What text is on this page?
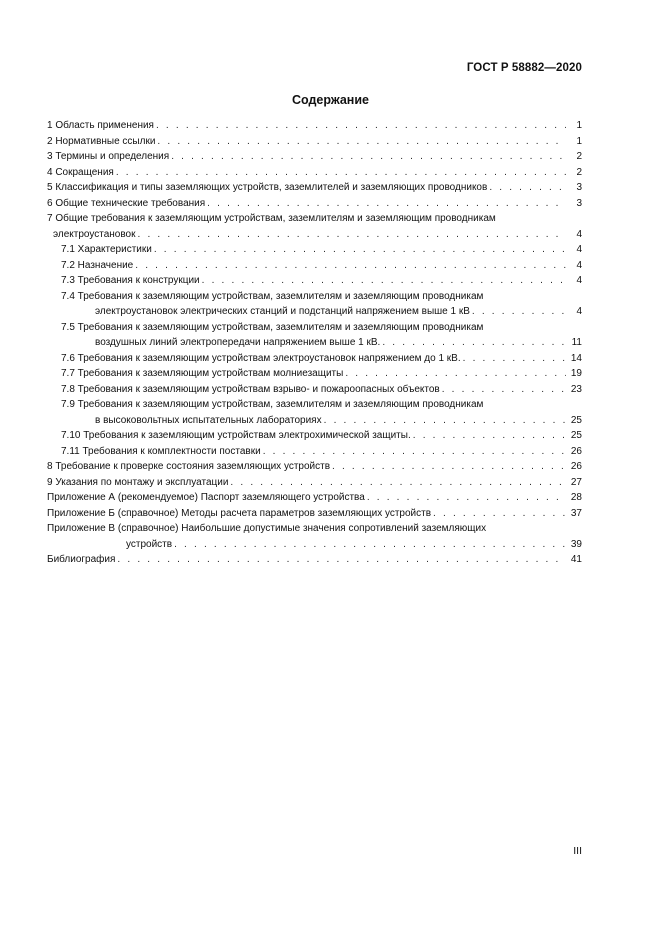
ГОСТ Р 58882—2020
Содержание
1 Область применения . . .	1
2 Нормативные ссылки . . .	1
3 Термины и определения . . .	2
4 Сокращения . . .	2
5 Классификация и типы заземляющих устройств, заземлителей и заземляющих проводников . . .	3
6 Общие технические требования . . .	3
7 Общие требования к заземляющим устройствам, заземлителям и заземляющим проводникам
электроустановок . . .	4
7.1 Характеристики . . .	4
7.2 Назначение . . .	4
7.3 Требования к конструкции . . .	4
7.4 Требования к заземляющим устройствам, заземлителям и заземляющим проводникам
электроустановок электрических станций и подстанций напряжением выше 1 кВ . . .	4
7.5 Требования к заземляющим устройствам, заземлителям и заземляющим проводникам
воздушных линий электропередачи напряжением выше 1 кВ. . . .	11
7.6 Требования к заземляющим устройствам электроустановок напряжением до 1 кВ. . . .	14
7.7 Требования к заземляющим устройствам молниезащиты . . .	19
7.8 Требования к заземляющим устройствам взрыво- и пожароопасных объектов . . .	23
7.9 Требования к заземляющим устройствам, заземлителям и заземляющим проводникам
в высоковольтных испытательных лабораториях . . .	25
7.10 Требования к заземляющим устройствам электрохимической защиты. . . .	25
7.11 Требования к комплектности поставки . . .	26
8 Требование к проверке состояния заземляющих устройств . . .	26
9 Указания по монтажу и эксплуатации . . .	27
Приложение А (рекомендуемое) Паспорт заземляющего устройства . . .	28
Приложение Б (справочное) Методы расчета параметров заземляющих устройств . . .	37
Приложение В (справочное) Наибольшие допустимые значения сопротивлений заземляющих
устройств . . .	39
Библиография . . .	41
III
